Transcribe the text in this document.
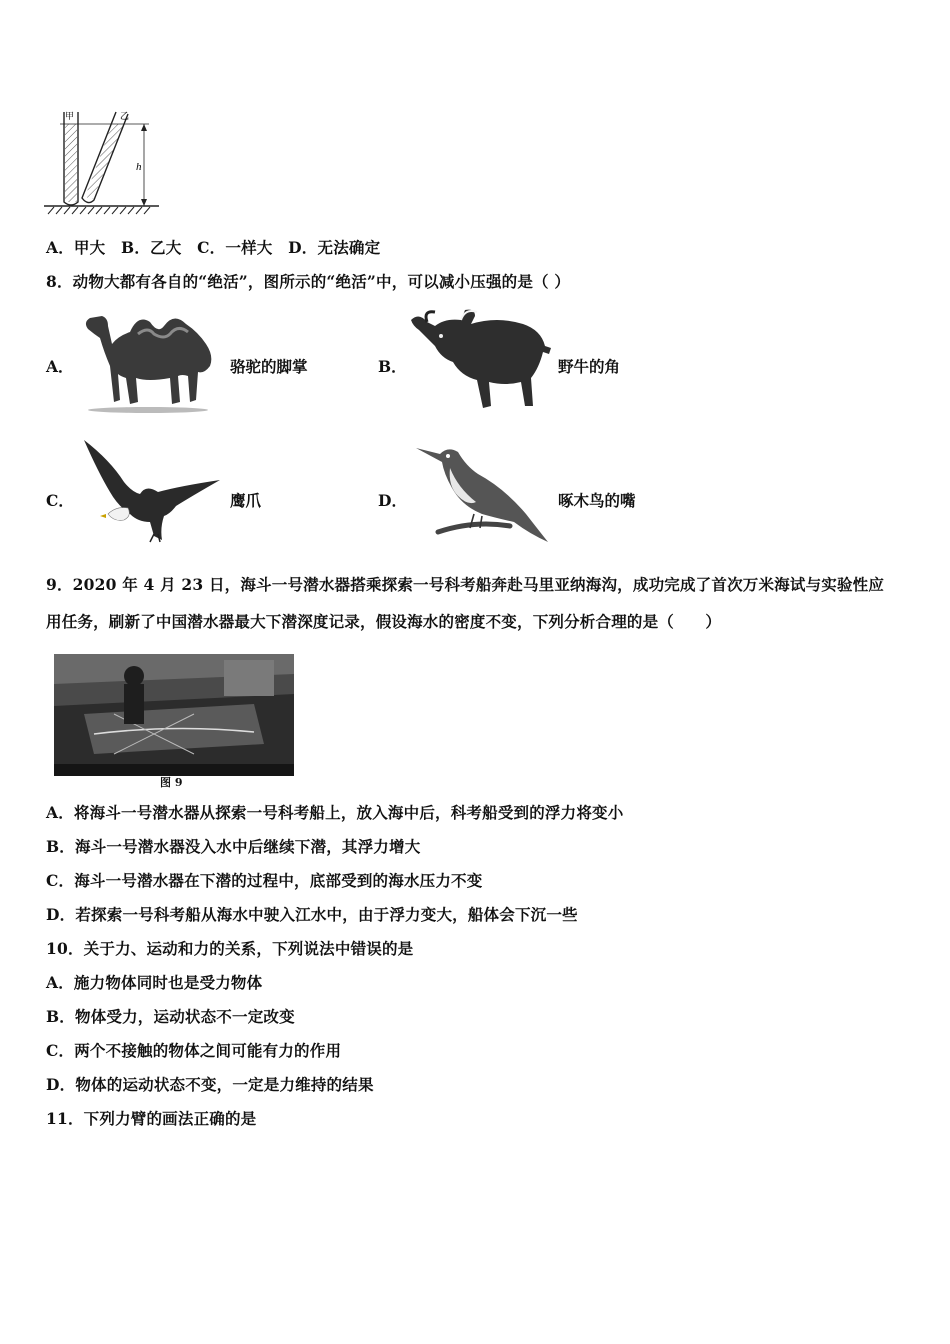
h
甲	乙
A．甲大　B．乙大　C．一样大　D．无法确定
8．动物大都有各自的“绝活”，图所示的“绝活”中，可以减小压强的是（ ）
A．	骆驼的脚掌	B．	野牛的角
C．	鹰爪	D．	啄木鸟的嘴
9．2020 年 4 月 23 日，海斗一号潜水器搭乘探索一号科考船奔赴马里亚纳海沟，成功完成了首次万米海试与实验性应
用任务，刷新了中国潜水器最大下潜深度记录，假设海水的密度不变，下列分析合理的是（　　）
图 9
A．将海斗一号潜水器从探索一号科考船上，放入海中后，科考船受到的浮力将变小
B．海斗一号潜水器没入水中后继续下潜，其浮力增大
C．海斗一号潜水器在下潜的过程中，底部受到的海水压力不变
D．若探索一号科考船从海水中驶入江水中，由于浮力变大，船体会下沉一些
10．关于力、运动和力的关系，下列说法中错误的是
A．施力物体同时也是受力物体
B．物体受力，运动状态不一定改变
C．两个不接触的物体之间可能有力的作用
D．物体的运动状态不变，一定是力维持的结果
11．下列力臂的画法正确的是
